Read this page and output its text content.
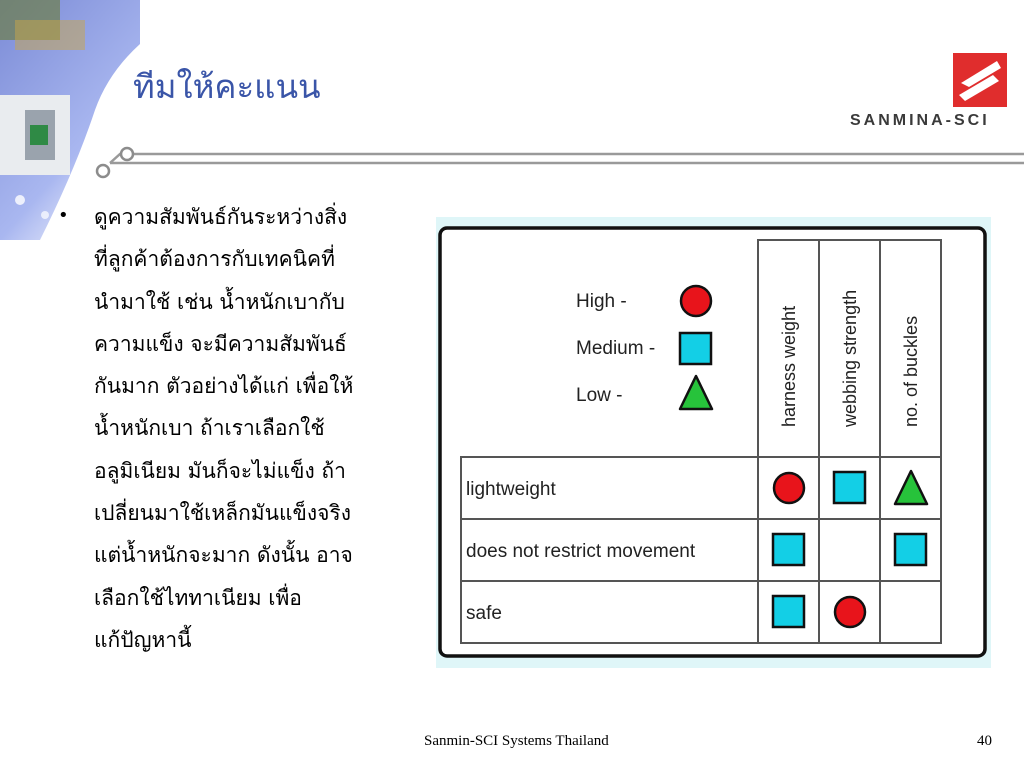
ทีมให้คะแนน
SANMINA-SCI
• ดูความสัมพันธ์กันระหว่างสิ่ง
ที่ลูกค้าต้องการกับเทคนิคที่
นำมาใช้ เช่น น้ำหนักเบากับ
ความแข็ง จะมีความสัมพันธ์
กันมาก ตัวอย่างได้แก่ เพื่อให้
น้ำหนักเบา ถ้าเราเลือกใช้
อลูมิเนียม มันก็จะไม่แข็ง ถ้า
เปลี่ยนมาใช้เหล็กมันแข็งจริง
แต่น้ำหนักจะมาก ดังนั้น อาจ
เลือกใช้ไททาเนียม เพื่อ
แก้ปัญหานี้
High -
Medium -
Low -	harness weight webbing strength no. of buckles
lightweight
does not restrict movement
safe
Sanmin-SCI Systems Thailand	40
